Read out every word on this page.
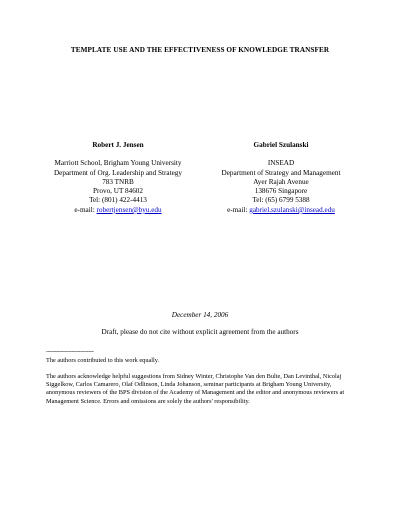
TEMPLATE USE AND THE EFFECTIVENESS OF KNOWLEDGE TRANSFER
Robert J. Jensen
Marriott School, Brigham Young University
Department of Org. Leadership and Strategy
783 TNRB
Provo, UT 84602
Tel: (801) 422-4413
e-mail: robertjensen@byu.edu
Gabriel Szulanski
INSEAD
Department of Strategy and Management
Ayer Rajah Avenue
138676 Singapore
Tel: (65) 6799 5388
e-mail: gabriel.szulanski@insead.edu
December 14, 2006
Draft, please do not cite without explicit agreement from the authors
----------------------------
The authors contributed to this work equally.
The authors acknowledge helpful suggestions from Sidney Winter, Christophe Van den Bulte, Dan Levinthal, Nicolaj Siggelkow, Carlos Camarero, Olaf Odlinson, Linda Johanson, seminar participants at Brigham Young University, anonymous reviewers of the BPS division of the Academy of Management and the editor and anonymous reviewers at Management Science. Errors and omissions are solely the authors' responsibility.
